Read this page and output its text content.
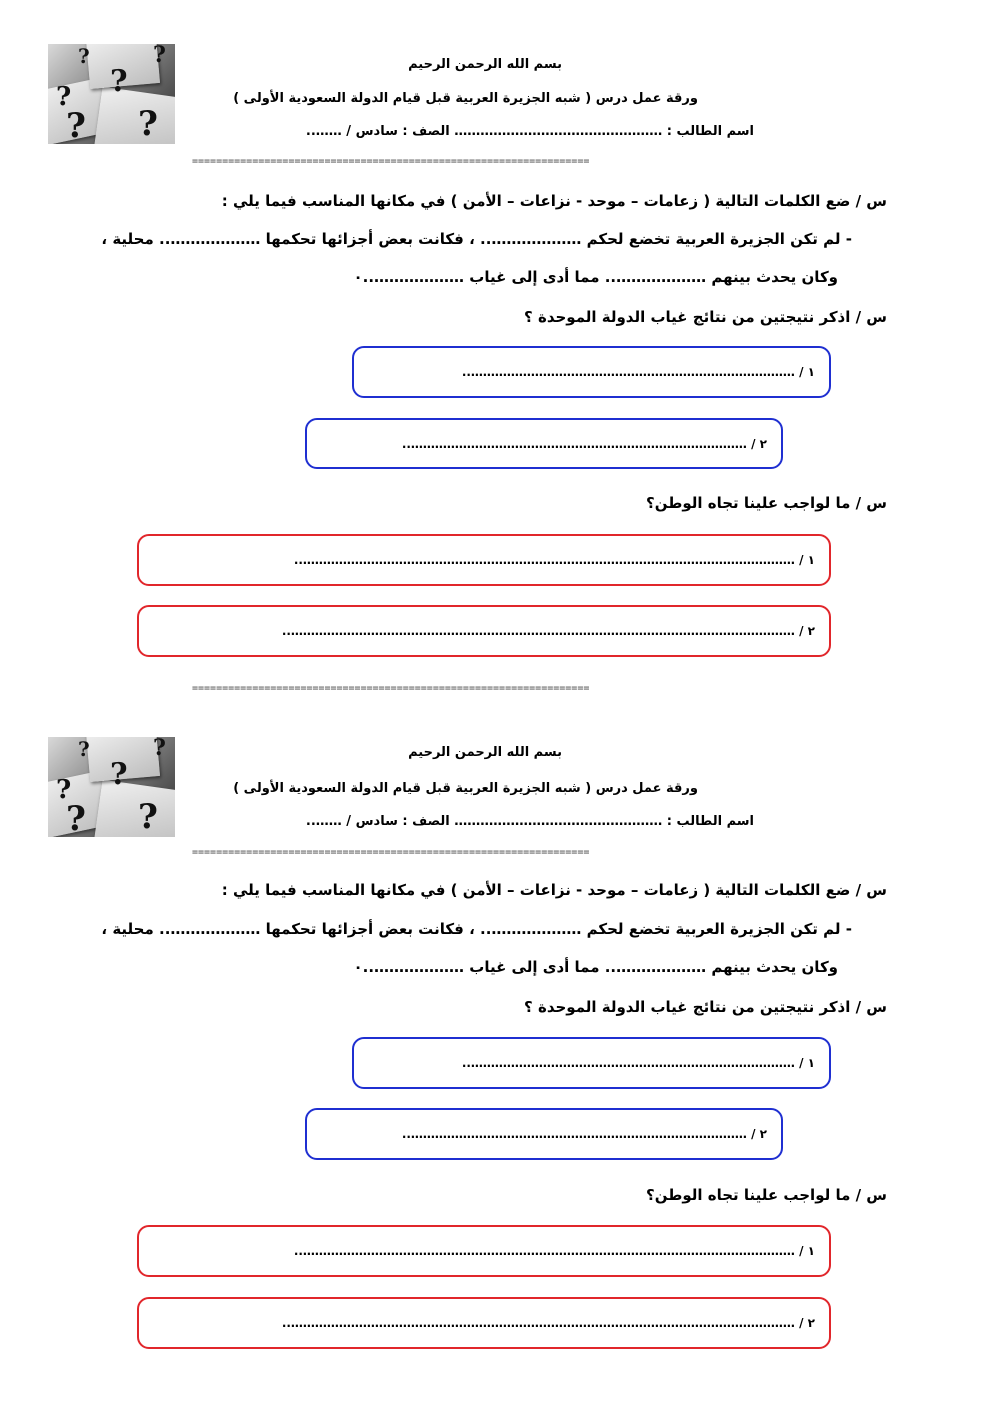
? ?
? ?
?
?	بسم الله الرحمن الرحيم
ورقة عمل درس ( شبه الجزيرة العربية قبل قيام الدولة السعودية الأولى )
اسم الطالب : ………………………………………… الصف : سادس / ……..
==================================================================
س / ضع الكلمات التالية ( زعامات – موحد - نزاعات – الأمن ) في مكانها المناسب فيما يلي :
- لم تكن الجزيرة العربية تخضع لحكم ……………….. ، فكانت بعض أجزائها تحكمها ……………….. محلية ،
وكان يحدث بينهم ……………….. مما أدى إلى غياب ………………..٠
س / اذكر نتيجتين من نتائج غياب الدولة الموحدة ؟
١ / ………………………………………………………………………..
٢ / …………………………………………………………………………..
س / ما لواجب علينا تجاه الوطن؟
١ / ……………………………………………………………………………………………………………..
٢ / ………………………………………………………………………………………………………………..
==================================================================
? ?
? ?
?
?	بسم الله الرحمن الرحيم
ورقة عمل درس ( شبه الجزيرة العربية قبل قيام الدولة السعودية الأولى )
اسم الطالب : ………………………………………… الصف : سادس / ……..
==================================================================
س / ضع الكلمات التالية ( زعامات – موحد - نزاعات – الأمن ) في مكانها المناسب فيما يلي :
- لم تكن الجزيرة العربية تخضع لحكم ……………….. ، فكانت بعض أجزائها تحكمها ……………….. محلية ،
وكان يحدث بينهم ……………….. مما أدى إلى غياب ………………..٠
س / اذكر نتيجتين من نتائج غياب الدولة الموحدة ؟
١ / ………………………………………………………………………..
٢ / …………………………………………………………………………..
س / ما لواجب علينا تجاه الوطن؟
١ / ……………………………………………………………………………………………………………..
٢ / ………………………………………………………………………………………………………………..
